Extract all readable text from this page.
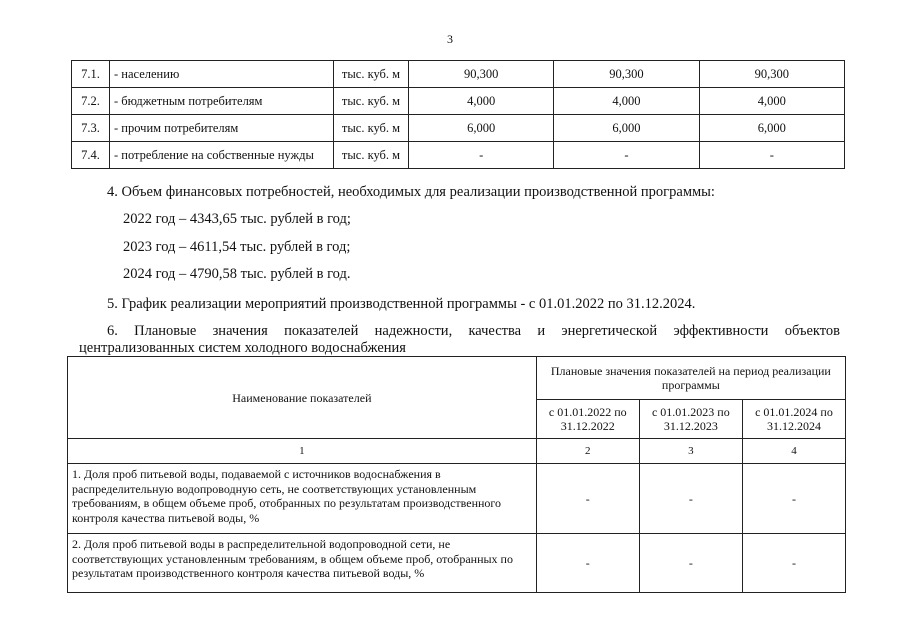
3
7.1.	- населению	тыс. куб. м	90,300	90,300	90,300
7.2.	- бюджетным потребителям	тыс. куб. м	4,000	4,000	4,000
7.3.	- прочим потребителям	тыс. куб. м	6,000	6,000	6,000
7.4.	- потребление на собственные нужды	тыс. куб. м	-	-	-
4. Объем финансовых потребностей, необходимых для реализации производственной программы:
2022 год – 4343,65 тыс. рублей в год;
2023 год – 4611,54 тыс. рублей в год;
2024 год – 4790,58 тыс. рублей в год.
5. График реализации мероприятий производственной программы - с 01.01.2022 по 31.12.2024.
6. Плановые значения показателей надежности, качества и энергетической эффективности объектов
централизованных систем холодного водоснабжения
Наименование показателей	Плановые значения показателей на период реализации программы		
	с 01.01.2022 по 31.12.2022	с 01.01.2023 по 31.12.2023	с 01.01.2024 по 31.12.2024
1	2	3	4
1. Доля проб питьевой воды, подаваемой с источников водоснабжения в распределительную водопроводную сеть, не соответствующих установленным требованиям, в общем объеме проб, отобранных по результатам производственного контроля качества питьевой воды, %	-	-	-
2. Доля проб питьевой воды в распределительной водопроводной сети, не соответствующих установленным требованиям, в общем объеме проб, отобранных по результатам производственного контроля качества питьевой воды, %	-	-	-
